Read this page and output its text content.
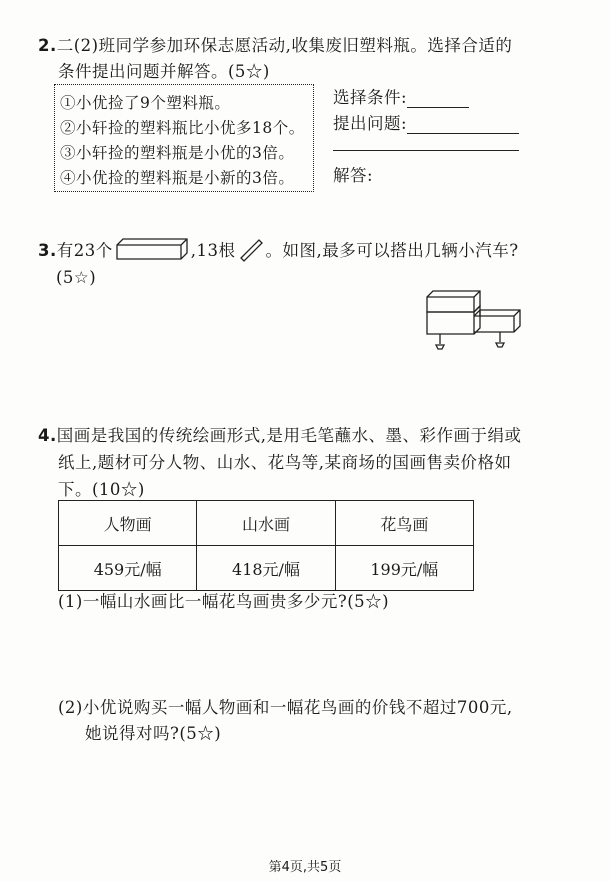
2.二(2)班同学参加环保志愿活动,收集废旧塑料瓶。选择合适的
条件提出问题并解答。(5☆)
①小优捡了9个塑料瓶。
②小轩捡的塑料瓶比小优多18个。
③小轩捡的塑料瓶是小优的3倍。
④小优捡的塑料瓶是小新的3倍。
选择条件:
提出问题:
解答:
3.有23个	,13根 。如图,最多可以搭出几辆小汽车?
(5☆)
4.国画是我国的传统绘画形式,是用毛笔蘸水、墨、彩作画于绢或
纸上,题材可分人物、山水、花鸟等,某商场的国画售卖价格如
下。(10☆)
人物画	山水画	花鸟画
459元/幅	418元/幅	199元/幅
(1)一幅山水画比一幅花鸟画贵多少元?(5☆)
(2)小优说购买一幅人物画和一幅花鸟画的价钱不超过700元,
她说得对吗?(5☆)
第4页,共5页
